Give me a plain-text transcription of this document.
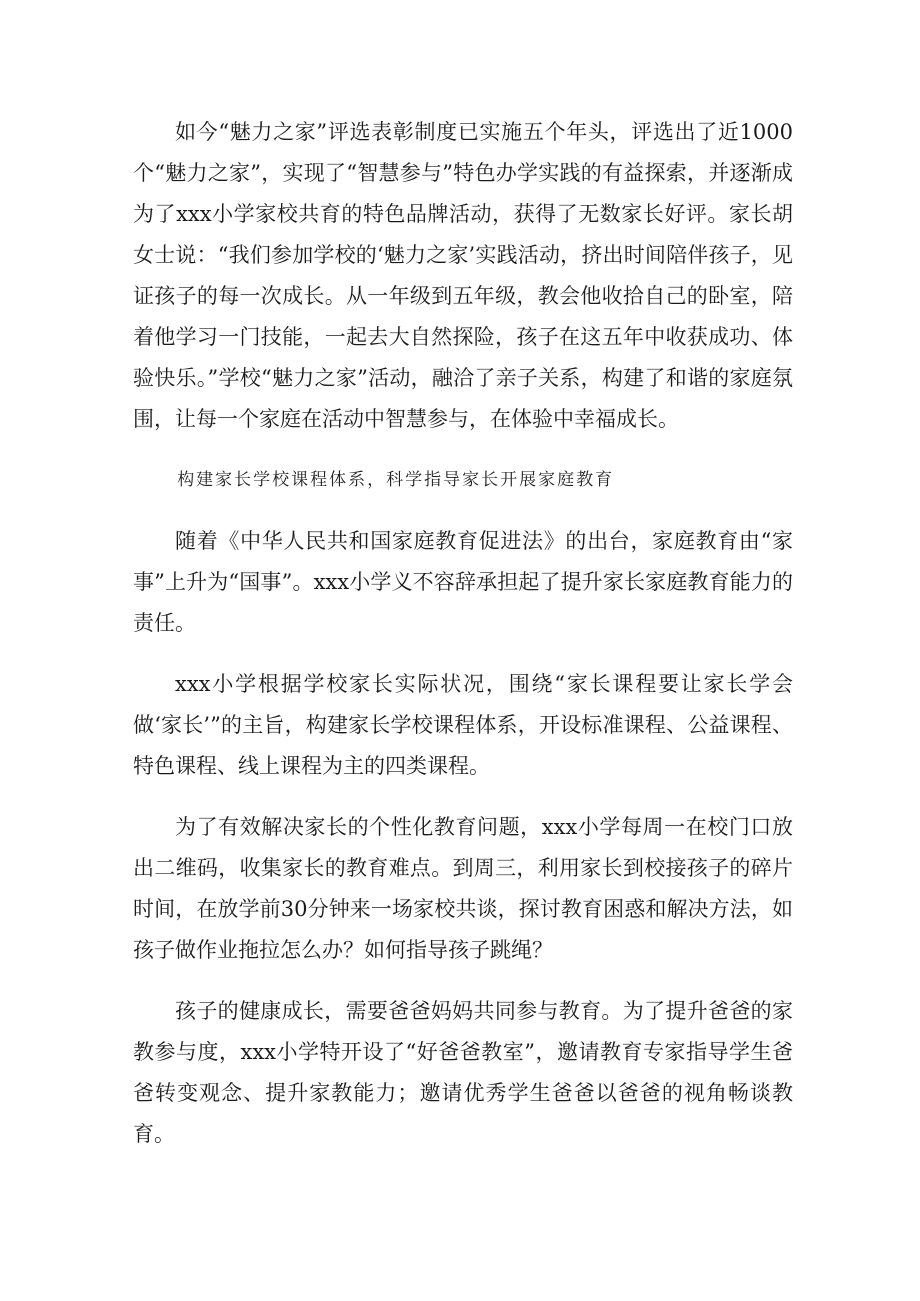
如今“魅力之家”评选表彰制度已实施五个年头，评选出了近1000个“魅力之家”，实现了“智慧参与”特色办学实践的有益探索，并逐渐成为了xxx小学家校共育的特色品牌活动，获得了无数家长好评。家长胡女士说：“我们参加学校的‘魅力之家’实践活动，挤出时间陪伴孩子，见证孩子的每一次成长。从一年级到五年级，教会他收拾自己的卧室，陪着他学习一门技能，一起去大自然探险，孩子在这五年中收获成功、体验快乐。”学校“魅力之家”活动，融洽了亲子关系，构建了和谐的家庭氛围，让每一个家庭在活动中智慧参与，在体验中幸福成长。

构建家长学校课程体系，科学指导家长开展家庭教育

随着《中华人民共和国家庭教育促进法》的出台，家庭教育由“家事”上升为“国事”。xxx小学义不容辞承担起了提升家长家庭教育能力的责任。

xxx小学根据学校家长实际状况，围绕“家长课程要让家长学会做‘家长’”的主旨，构建家长学校课程体系，开设标准课程、公益课程、特色课程、线上课程为主的四类课程。

为了有效解决家长的个性化教育问题，xxx小学每周一在校门口放出二维码，收集家长的教育难点。到周三，利用家长到校接孩子的碎片时间，在放学前30分钟来一场家校共谈，探讨教育困惑和解决方法，如孩子做作业拖拉怎么办？如何指导孩子跳绳？

孩子的健康成长，需要爸爸妈妈共同参与教育。为了提升爸爸的家教参与度，xxx小学特开设了“好爸爸教室”，邀请教育专家指导学生爸爸转变观念、提升家教能力；邀请优秀学生爸爸以爸爸的视角畅谈教育。
